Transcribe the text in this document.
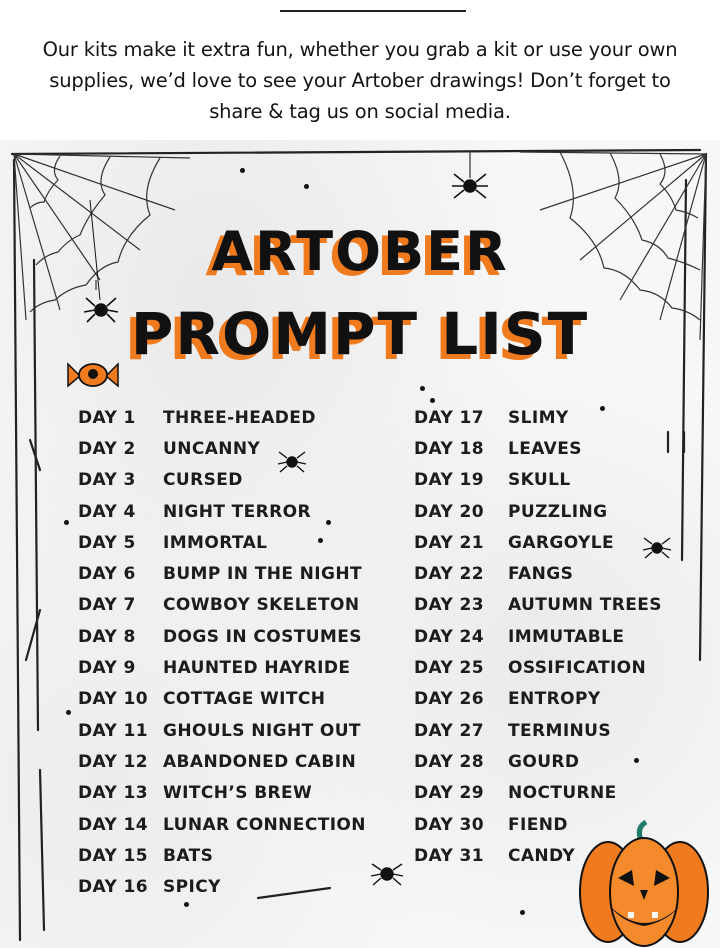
Our kits make it extra fun, whether you grab a kit or use your own supplies, we’d love to see your Artober drawings! Don’t forget to share & tag us on social media.
ARTOBER
PROMPT LIST
DAY 1	THREE-HEADED
DAY 2	UNCANNY
DAY 3	CURSED
DAY 4	NIGHT TERROR
DAY 5	IMMORTAL
DAY 6	BUMP IN THE NIGHT
DAY 7	COWBOY SKELETON
DAY 8	DOGS IN COSTUMES
DAY 9	HAUNTED HAYRIDE
DAY 10 COTTAGE WITCH
DAY 11 GHOULS NIGHT OUT
DAY 12 ABANDONED CABIN
DAY 13 WITCH’S BREW
DAY 14 LUNAR CONNECTION
DAY 15 BATS
DAY 16 SPICY
DAY 17	SLIMY
DAY 18	LEAVES
DAY 19	SKULL
DAY 20	PUZZLING
DAY 21	GARGOYLE
DAY 22	FANGS
DAY 23	AUTUMN TREES
DAY 24	IMMUTABLE
DAY 25	OSSIFICATION
DAY 26	ENTROPY
DAY 27	TERMINUS
DAY 28	GOURD
DAY 29	NOCTURNE
DAY 30	FIEND
DAY 31	CANDY
